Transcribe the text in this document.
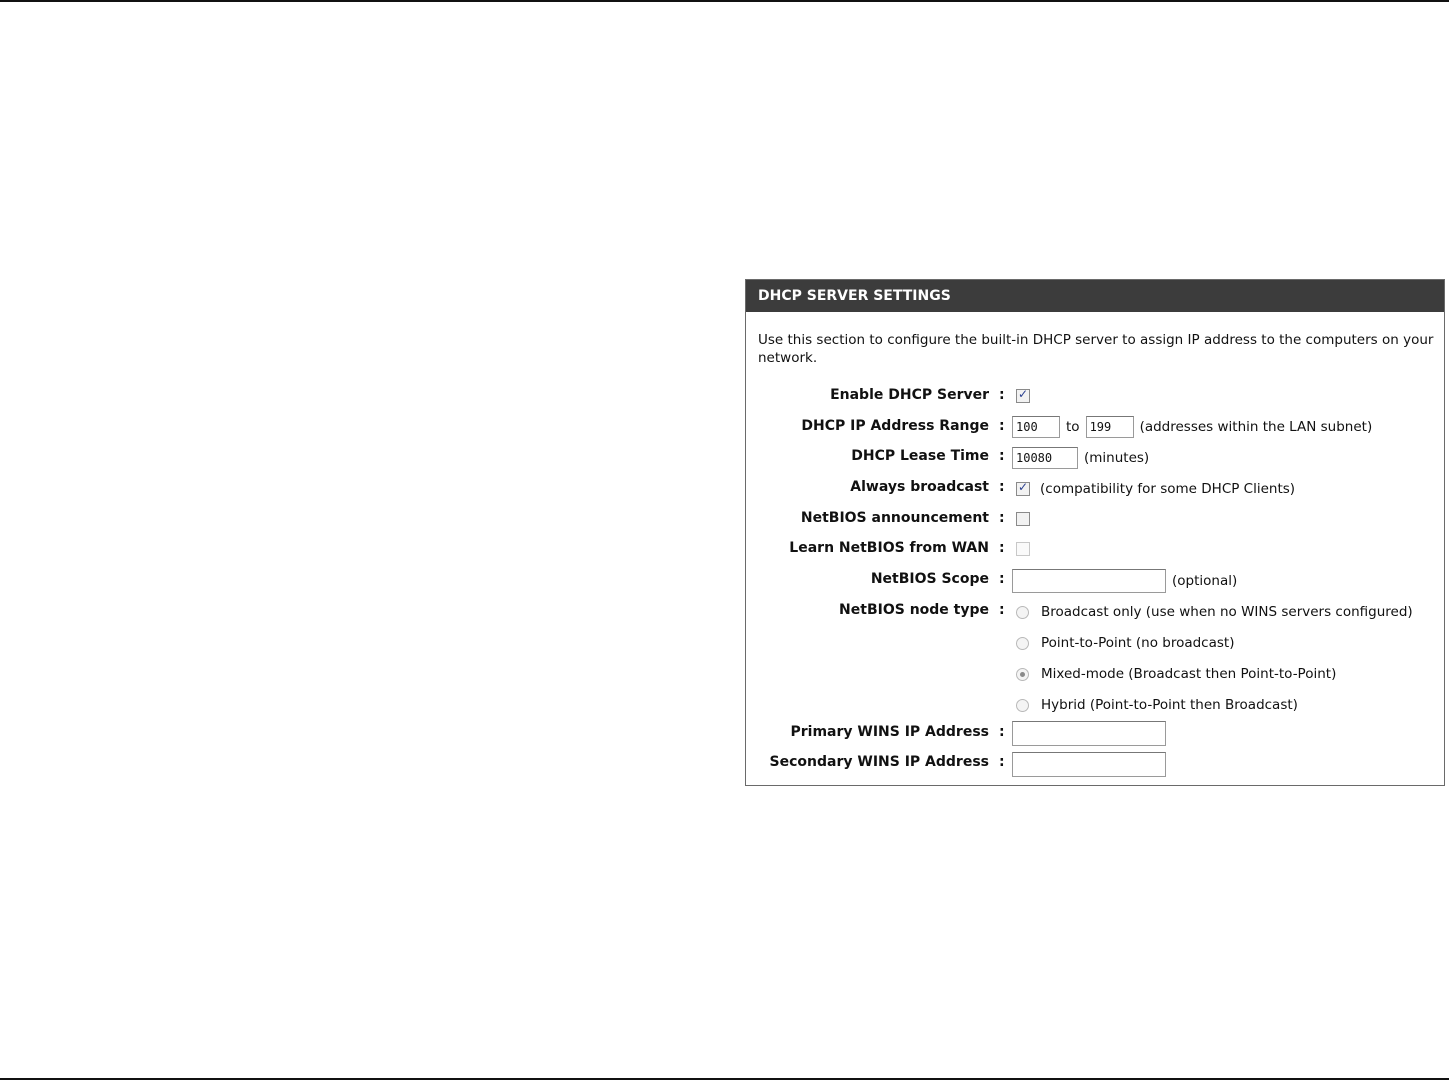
DHCP SERVER SETTINGS
Use this section to configure the built-in DHCP server to assign IP address to the computers on your network.
Enable DHCP Server :
✓
DHCP IP Address Range :
100	to
199	(addresses within the LAN subnet)
DHCP Lease Time :
10080	(minutes)
Always broadcast :
✓	(compatibility for some DHCP Clients)
NetBIOS announcement :
Learn NetBIOS from WAN :
NetBIOS Scope :	(optional)
NetBIOS node type :	Broadcast only (use when no WINS servers configured)
Point-to-Point (no broadcast)
Mixed-mode (Broadcast then Point-to-Point)
Hybrid (Point-to-Point then Broadcast)
Primary WINS IP Address :
Secondary WINS IP Address :
